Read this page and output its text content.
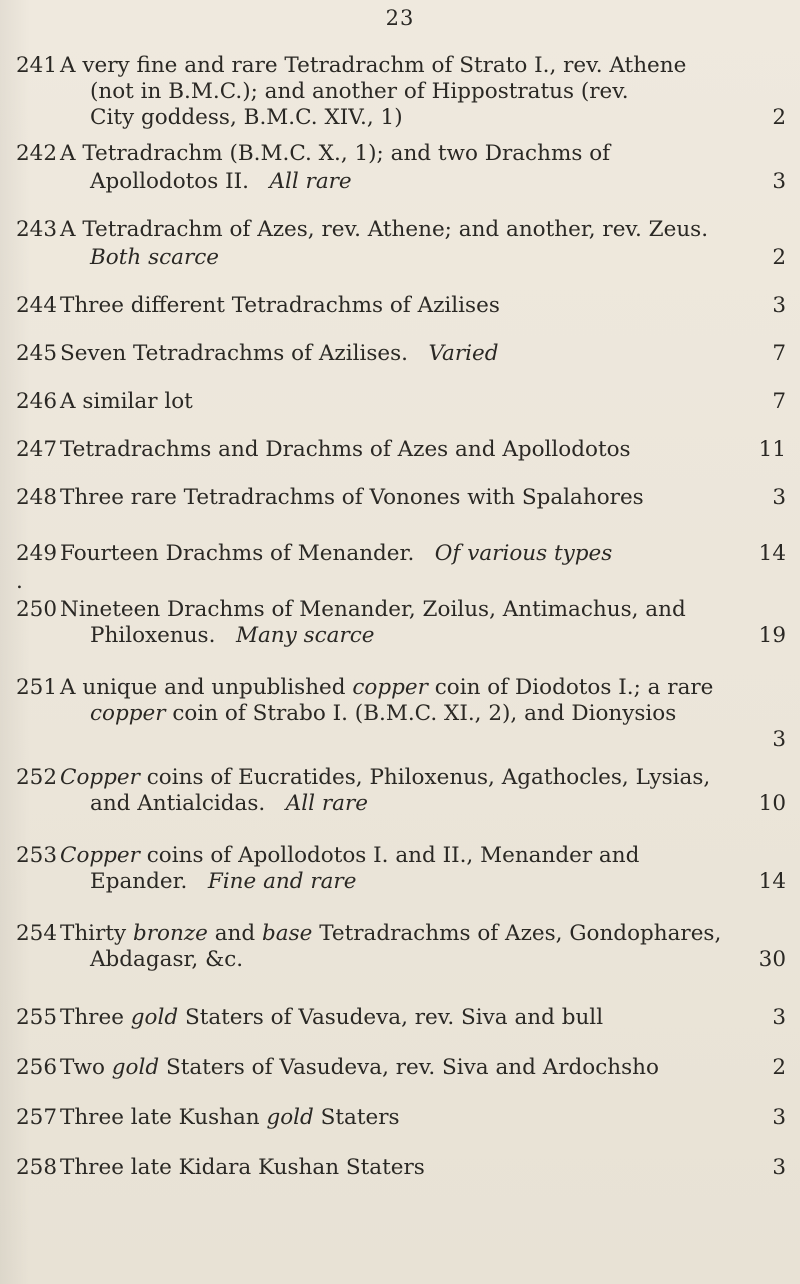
23
241 A very fine and rare Tetradrachm of Strato I., rev. Athene
(not in B.M.C.); and another of Hippostratus (rev.
City goddess, B.M.C. XIV., 1)	2
242 A Tetradrachm (B.M.C. X., 1); and two Drachms of
Apollodotos II. All rare	3
243 A Tetradrachm of Azes, rev. Athene; and another, rev. Zeus.
Both scarce	2
244 Three different Tetradrachms of Azilises	3
245 Seven Tetradrachms of Azilises. Varied	7
246 A similar lot	7
247 Tetradrachms and Drachms of Azes and Apollodotos	11
248 Three rare Tetradrachms of Vonones with Spalahores	3
249 .
Fourteen Drachms of Menander. Of various types	14
250 Nineteen Drachms of Menander, Zoilus, Antimachus, and
Philoxenus. Many scarce	19
251 A unique and unpublished copper coin of Diodotos I.; a rare
copper coin of Strabo I. (B.M.C. XI., 2), and Dionysios
3
252 Copper coins of Eucratides, Philoxenus, Agathocles, Lysias,
and Antialcidas. All rare	10
253 Copper coins of Apollodotos I. and II., Menander and
Epander. Fine and rare	14
254 Thirty bronze and base Tetradrachms of Azes, Gondophares,
Abdagasr, &c.	30
255 Three gold Staters of Vasudeva, rev. Siva and bull	3
256 Two gold Staters of Vasudeva, rev. Siva and Ardochsho	2
257 Three late Kushan gold Staters	3
258 Three late Kidara Kushan Staters	3
